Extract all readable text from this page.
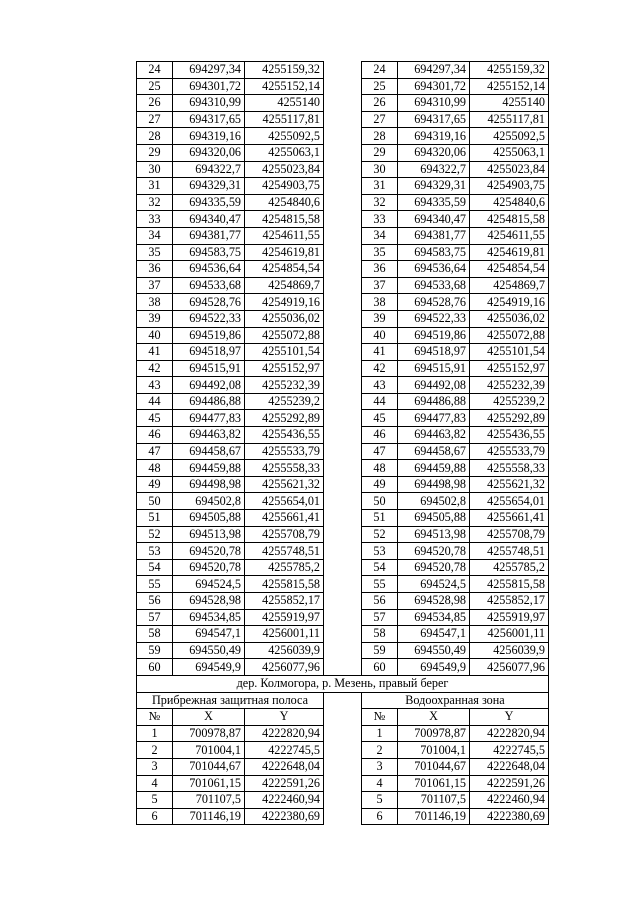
24	694297,34	4255159,32		24	694297,34	4255159,32
25	694301,72	4255152,14		25	694301,72	4255152,14
26	694310,99	4255140		26	694310,99	4255140
27	694317,65	4255117,81		27	694317,65	4255117,81
28	694319,16	4255092,5		28	694319,16	4255092,5
29	694320,06	4255063,1		29	694320,06	4255063,1
30	694322,7	4255023,84		30	694322,7	4255023,84
31	694329,31	4254903,75		31	694329,31	4254903,75
32	694335,59	4254840,6		32	694335,59	4254840,6
33	694340,47	4254815,58		33	694340,47	4254815,58
34	694381,77	4254611,55		34	694381,77	4254611,55
35	694583,75	4254619,81		35	694583,75	4254619,81
36	694536,64	4254854,54		36	694536,64	4254854,54
37	694533,68	4254869,7		37	694533,68	4254869,7
38	694528,76	4254919,16		38	694528,76	4254919,16
39	694522,33	4255036,02		39	694522,33	4255036,02
40	694519,86	4255072,88		40	694519,86	4255072,88
41	694518,97	4255101,54		41	694518,97	4255101,54
42	694515,91	4255152,97		42	694515,91	4255152,97
43	694492,08	4255232,39		43	694492,08	4255232,39
44	694486,88	4255239,2		44	694486,88	4255239,2
45	694477,83	4255292,89		45	694477,83	4255292,89
46	694463,82	4255436,55		46	694463,82	4255436,55
47	694458,67	4255533,79		47	694458,67	4255533,79
48	694459,88	4255558,33		48	694459,88	4255558,33
49	694498,98	4255621,32		49	694498,98	4255621,32
50	694502,8	4255654,01		50	694502,8	4255654,01
51	694505,88	4255661,41		51	694505,88	4255661,41
52	694513,98	4255708,79		52	694513,98	4255708,79
53	694520,78	4255748,51		53	694520,78	4255748,51
54	694520,78	4255785,2		54	694520,78	4255785,2
55	694524,5	4255815,58		55	694524,5	4255815,58
56	694528,98	4255852,17		56	694528,98	4255852,17
57	694534,85	4255919,97		57	694534,85	4255919,97
58	694547,1	4256001,11		58	694547,1	4256001,11
59	694550,49	4256039,9		59	694550,49	4256039,9
60	694549,9	4256077,96		60	694549,9	4256077,96
дер. Колмогора, р. Мезень, правый берег						
Прибрежная защитная полоса				Водоохранная зона		
№	X	Y		№	X	Y
1	700978,87	4222820,94		1	700978,87	4222820,94
2	701004,1	4222745,5		2	701004,1	4222745,5
3	701044,67	4222648,04		3	701044,67	4222648,04
4	701061,15	4222591,26		4	701061,15	4222591,26
5	701107,5	4222460,94		5	701107,5	4222460,94
6	701146,19	4222380,69		6	701146,19	4222380,69
